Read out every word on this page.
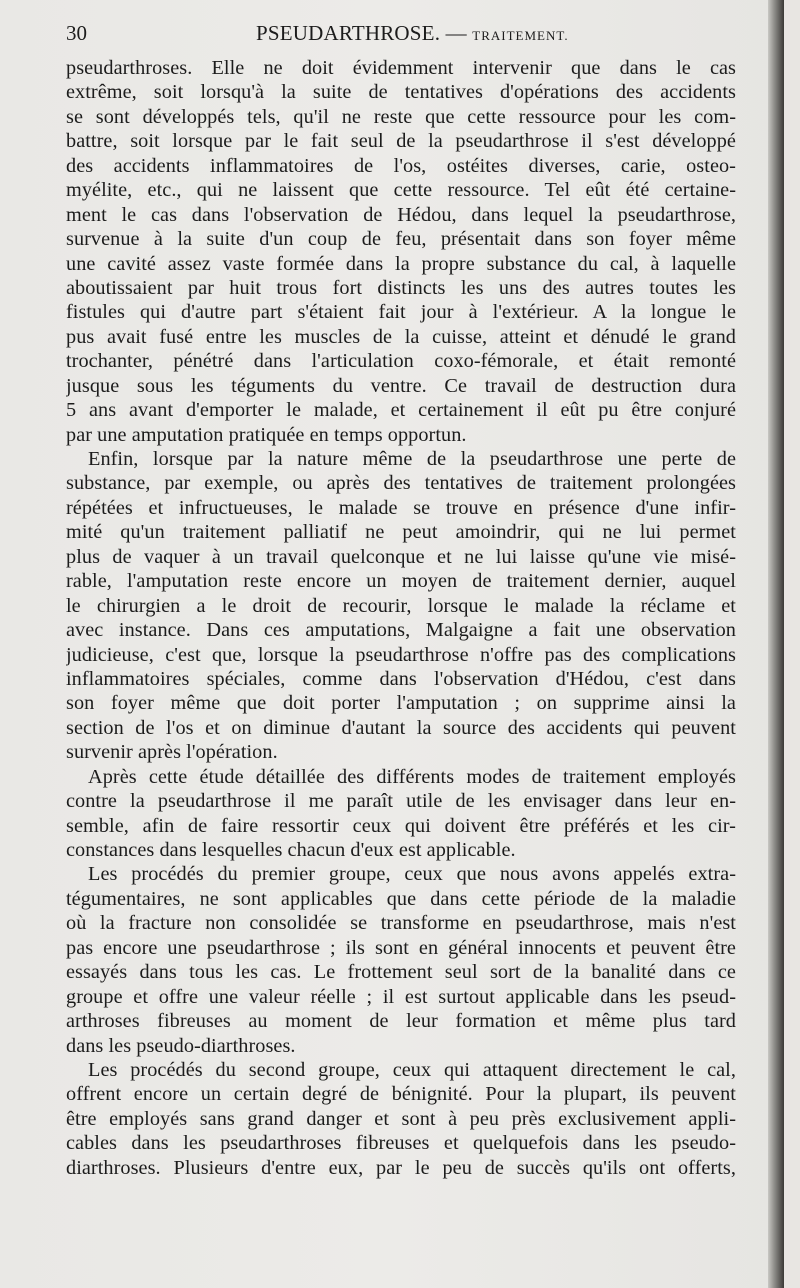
30	PSEUDARTHROSE. — TRAITEMENT.
pseudarthroses. Elle ne doit évidemment intervenir que dans le cas
extrême, soit lorsqu'à la suite de tentatives d'opérations des accidents
se sont développés tels, qu'il ne reste que cette ressource pour les com-
battre, soit lorsque par le fait seul de la pseudarthrose il s'est développé
des accidents inflammatoires de l'os, ostéites diverses, carie, osteo-
myélite, etc., qui ne laissent que cette ressource. Tel eût été certaine-
ment le cas dans l'observation de Hédou, dans lequel la pseudarthrose,
survenue à la suite d'un coup de feu, présentait dans son foyer même
une cavité assez vaste formée dans la propre substance du cal, à laquelle
aboutissaient par huit trous fort distincts les uns des autres toutes les
fistules qui d'autre part s'étaient fait jour à l'extérieur. A la longue le
pus avait fusé entre les muscles de la cuisse, atteint et dénudé le grand
trochanter, pénétré dans l'articulation coxo-fémorale, et était remonté
jusque sous les téguments du ventre. Ce travail de destruction dura
5 ans avant d'emporter le malade, et certainement il eût pu être conjuré
par une amputation pratiquée en temps opportun.
Enfin, lorsque par la nature même de la pseudarthrose une perte de
substance, par exemple, ou après des tentatives de traitement prolongées
répétées et infructueuses, le malade se trouve en présence d'une infir-
mité qu'un traitement palliatif ne peut amoindrir, qui ne lui permet
plus de vaquer à un travail quelconque et ne lui laisse qu'une vie misé-
rable, l'amputation reste encore un moyen de traitement dernier, auquel
le chirurgien a le droit de recourir, lorsque le malade la réclame et
avec instance. Dans ces amputations, Malgaigne a fait une observation
judicieuse, c'est que, lorsque la pseudarthrose n'offre pas des complications
inflammatoires spéciales, comme dans l'observation d'Hédou, c'est dans
son foyer même que doit porter l'amputation ; on supprime ainsi la
section de l'os et on diminue d'autant la source des accidents qui peuvent
survenir après l'opération.
Après cette étude détaillée des différents modes de traitement employés
contre la pseudarthrose il me paraît utile de les envisager dans leur en-
semble, afin de faire ressortir ceux qui doivent être préférés et les cir-
constances dans lesquelles chacun d'eux est applicable.
Les procédés du premier groupe, ceux que nous avons appelés extra-
tégumentaires, ne sont applicables que dans cette période de la maladie
où la fracture non consolidée se transforme en pseudarthrose, mais n'est
pas encore une pseudarthrose ; ils sont en général innocents et peuvent être
essayés dans tous les cas. Le frottement seul sort de la banalité dans ce
groupe et offre une valeur réelle ; il est surtout applicable dans les pseud-
arthroses fibreuses au moment de leur formation et même plus tard
dans les pseudo-diarthroses.
Les procédés du second groupe, ceux qui attaquent directement le cal,
offrent encore un certain degré de bénignité. Pour la plupart, ils peuvent
être employés sans grand danger et sont à peu près exclusivement appli-
cables dans les pseudarthroses fibreuses et quelquefois dans les pseudo-
diarthroses. Plusieurs d'entre eux, par le peu de succès qu'ils ont offerts,
